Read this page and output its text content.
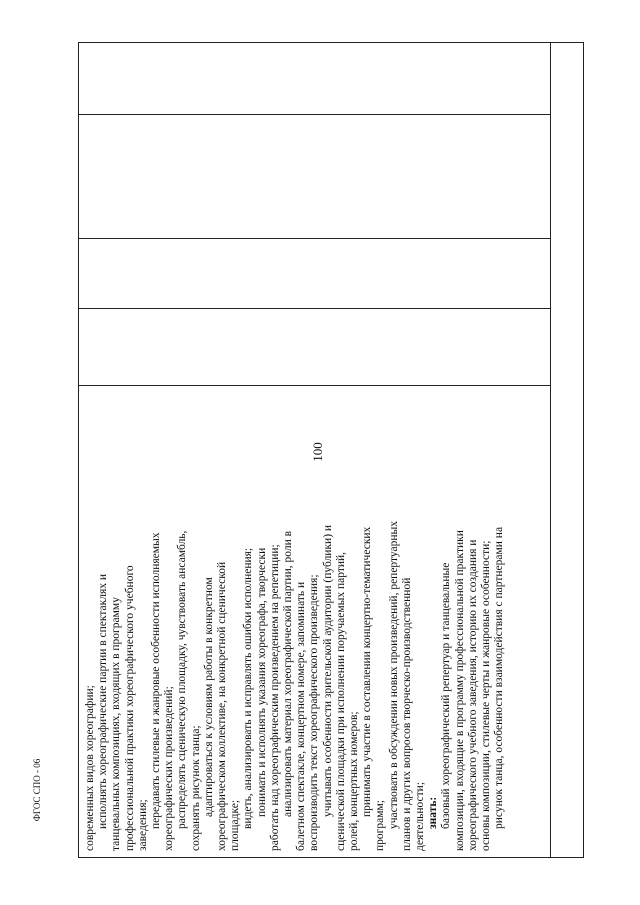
100
ФГОС СПО - 06	современных видов хореографии; исполнять хореографические партии в спектаклях и танцевальных композициях, входящих в программу профессиональной практики хореографического учебного заведения; передавать стилевые и жанровые особенности исполняемых хореографических произведений; распределять сценическую площадку, чувствовать ансамбль, сохранять рисунок танца; адаптироваться к условиям работы в конкретном хореографическом коллективе, на конкретной сценической площадке; видеть, анализировать и исправлять ошибки исполнения; понимать и исполнять указания хореографа, творчески работать над хореографическим произведением на репетиции; анализировать материал хореографической партии, роли в балетном спектакле, концертном номере, запоминать и воспроизводить текст хореографического произведения; учитывать особенности зрительской аудитории (публики) и сценической площадки при исполнении поручаемых партий, ролей, концертных номеров; принимать участие в составлении концертно-тематических
программ; участвовать в обсуждении новых произведений, репертуарных планов и других вопросов творческо-производственной деятельности; знать: базовый хореографический репертуар и танцевальные композиции, входящие в программу профессиональной практики хореографического учебного заведения, историю их создания и основы композиции, стилевые черты и жанровые особенности; рисунок танца, особенности взаимодействия с партнерами на
